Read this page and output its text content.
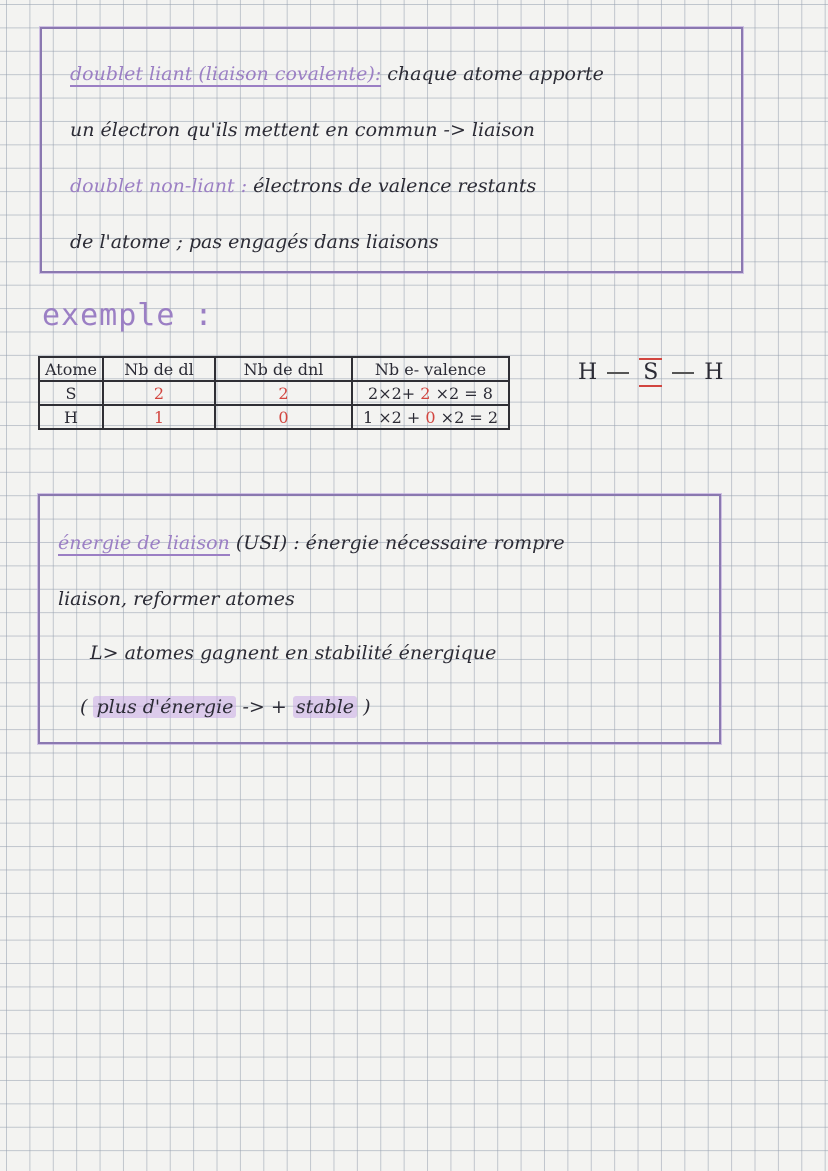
doublet liant (liaison covalente): chaque atome apporte
un électron qu'ils mettent en commun -> liaison
doublet non-liant : électrons de valence restants
de l'atome ; pas engagés dans liaisons
exemple :
Atome	Nb de dl	Nb de dnl	Nb e- valence
S	2	2	2×2+ 2 ×2 = 8
H	1	0	1 ×2 + 0 ×2 = 2
H S H
énergie de liaison (USI) : énergie nécessaire rompre
liaison, reformer atomes
L> atomes gagnent en stabilité énergique
( plus d'énergie -> + stable )
